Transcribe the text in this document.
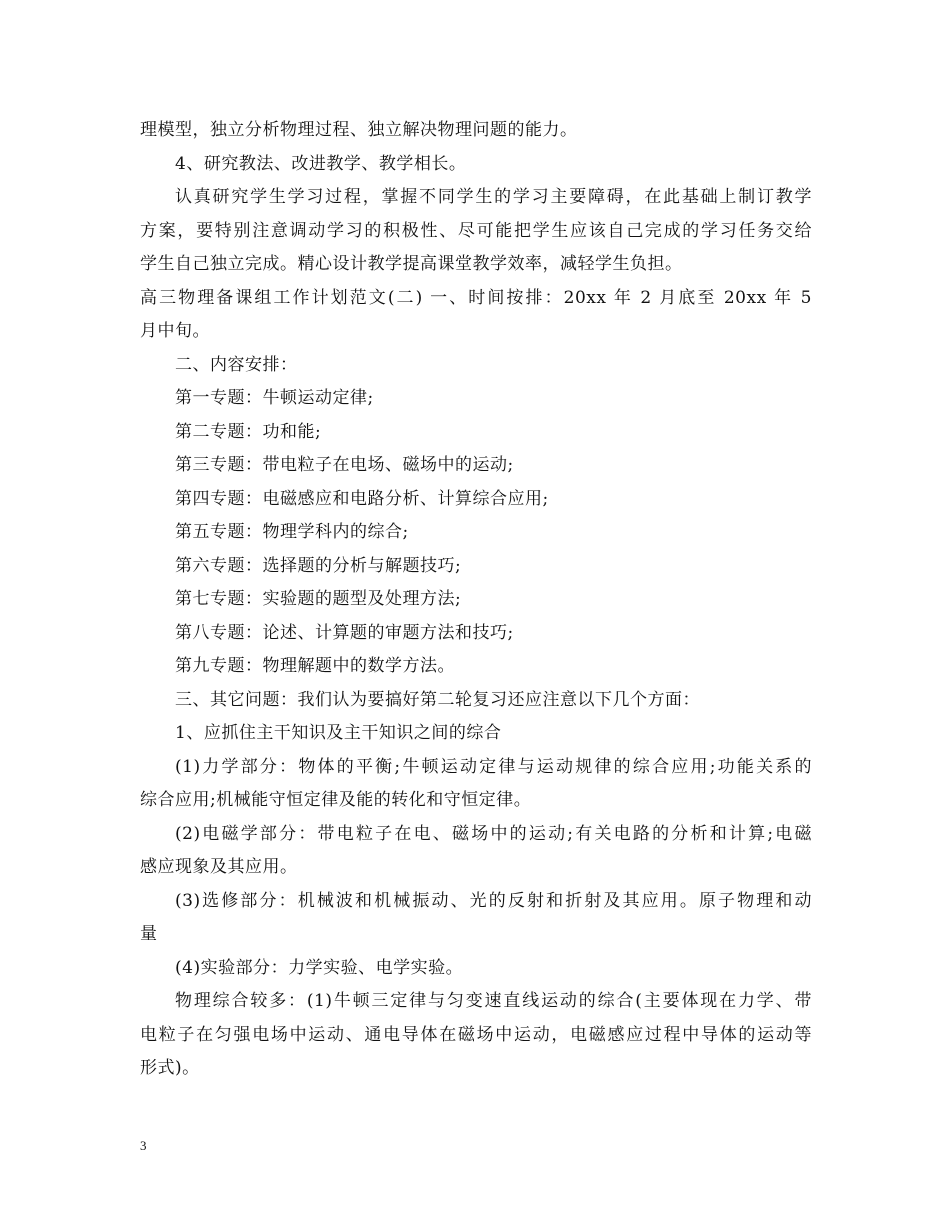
理模型，独立分析物理过程、独立解决物理问题的能力。
4、研究教法、改进教学、教学相长。
认真研究学生学习过程，掌握不同学生的学习主要障碍，在此基础上制订教学
方案，要特别注意调动学习的积极性、尽可能把学生应该自己完成的学习任务交给
学生自己独立完成。精心设计教学提高课堂教学效率，减轻学生负担。
高三物理备课组工作计划范文(二) 一、时间按排：20xx 年 2 月底至 20xx 年 5
月中旬。
二、内容安排：
第一专题：牛顿运动定律;
第二专题：功和能;
第三专题：带电粒子在电场、磁场中的运动;
第四专题：电磁感应和电路分析、计算综合应用;
第五专题：物理学科内的综合;
第六专题：选择题的分析与解题技巧;
第七专题：实验题的题型及处理方法;
第八专题：论述、计算题的审题方法和技巧;
第九专题：物理解题中的数学方法。
三、其它问题：我们认为要搞好第二轮复习还应注意以下几个方面：
1、应抓住主干知识及主干知识之间的综合
(1)力学部分：物体的平衡;牛顿运动定律与运动规律的综合应用;功能关系的
综合应用;机械能守恒定律及能的转化和守恒定律。
(2)电磁学部分：带电粒子在电、磁场中的运动;有关电路的分析和计算;电磁
感应现象及其应用。
(3)选修部分：机械波和机械振动、光的反射和折射及其应用。原子物理和动
量
(4)实验部分：力学实验、电学实验。
物理综合较多：(1)牛顿三定律与匀变速直线运动的综合(主要体现在力学、带
电粒子在匀强电场中运动、通电导体在磁场中运动，电磁感应过程中导体的运动等
形式)。
3
